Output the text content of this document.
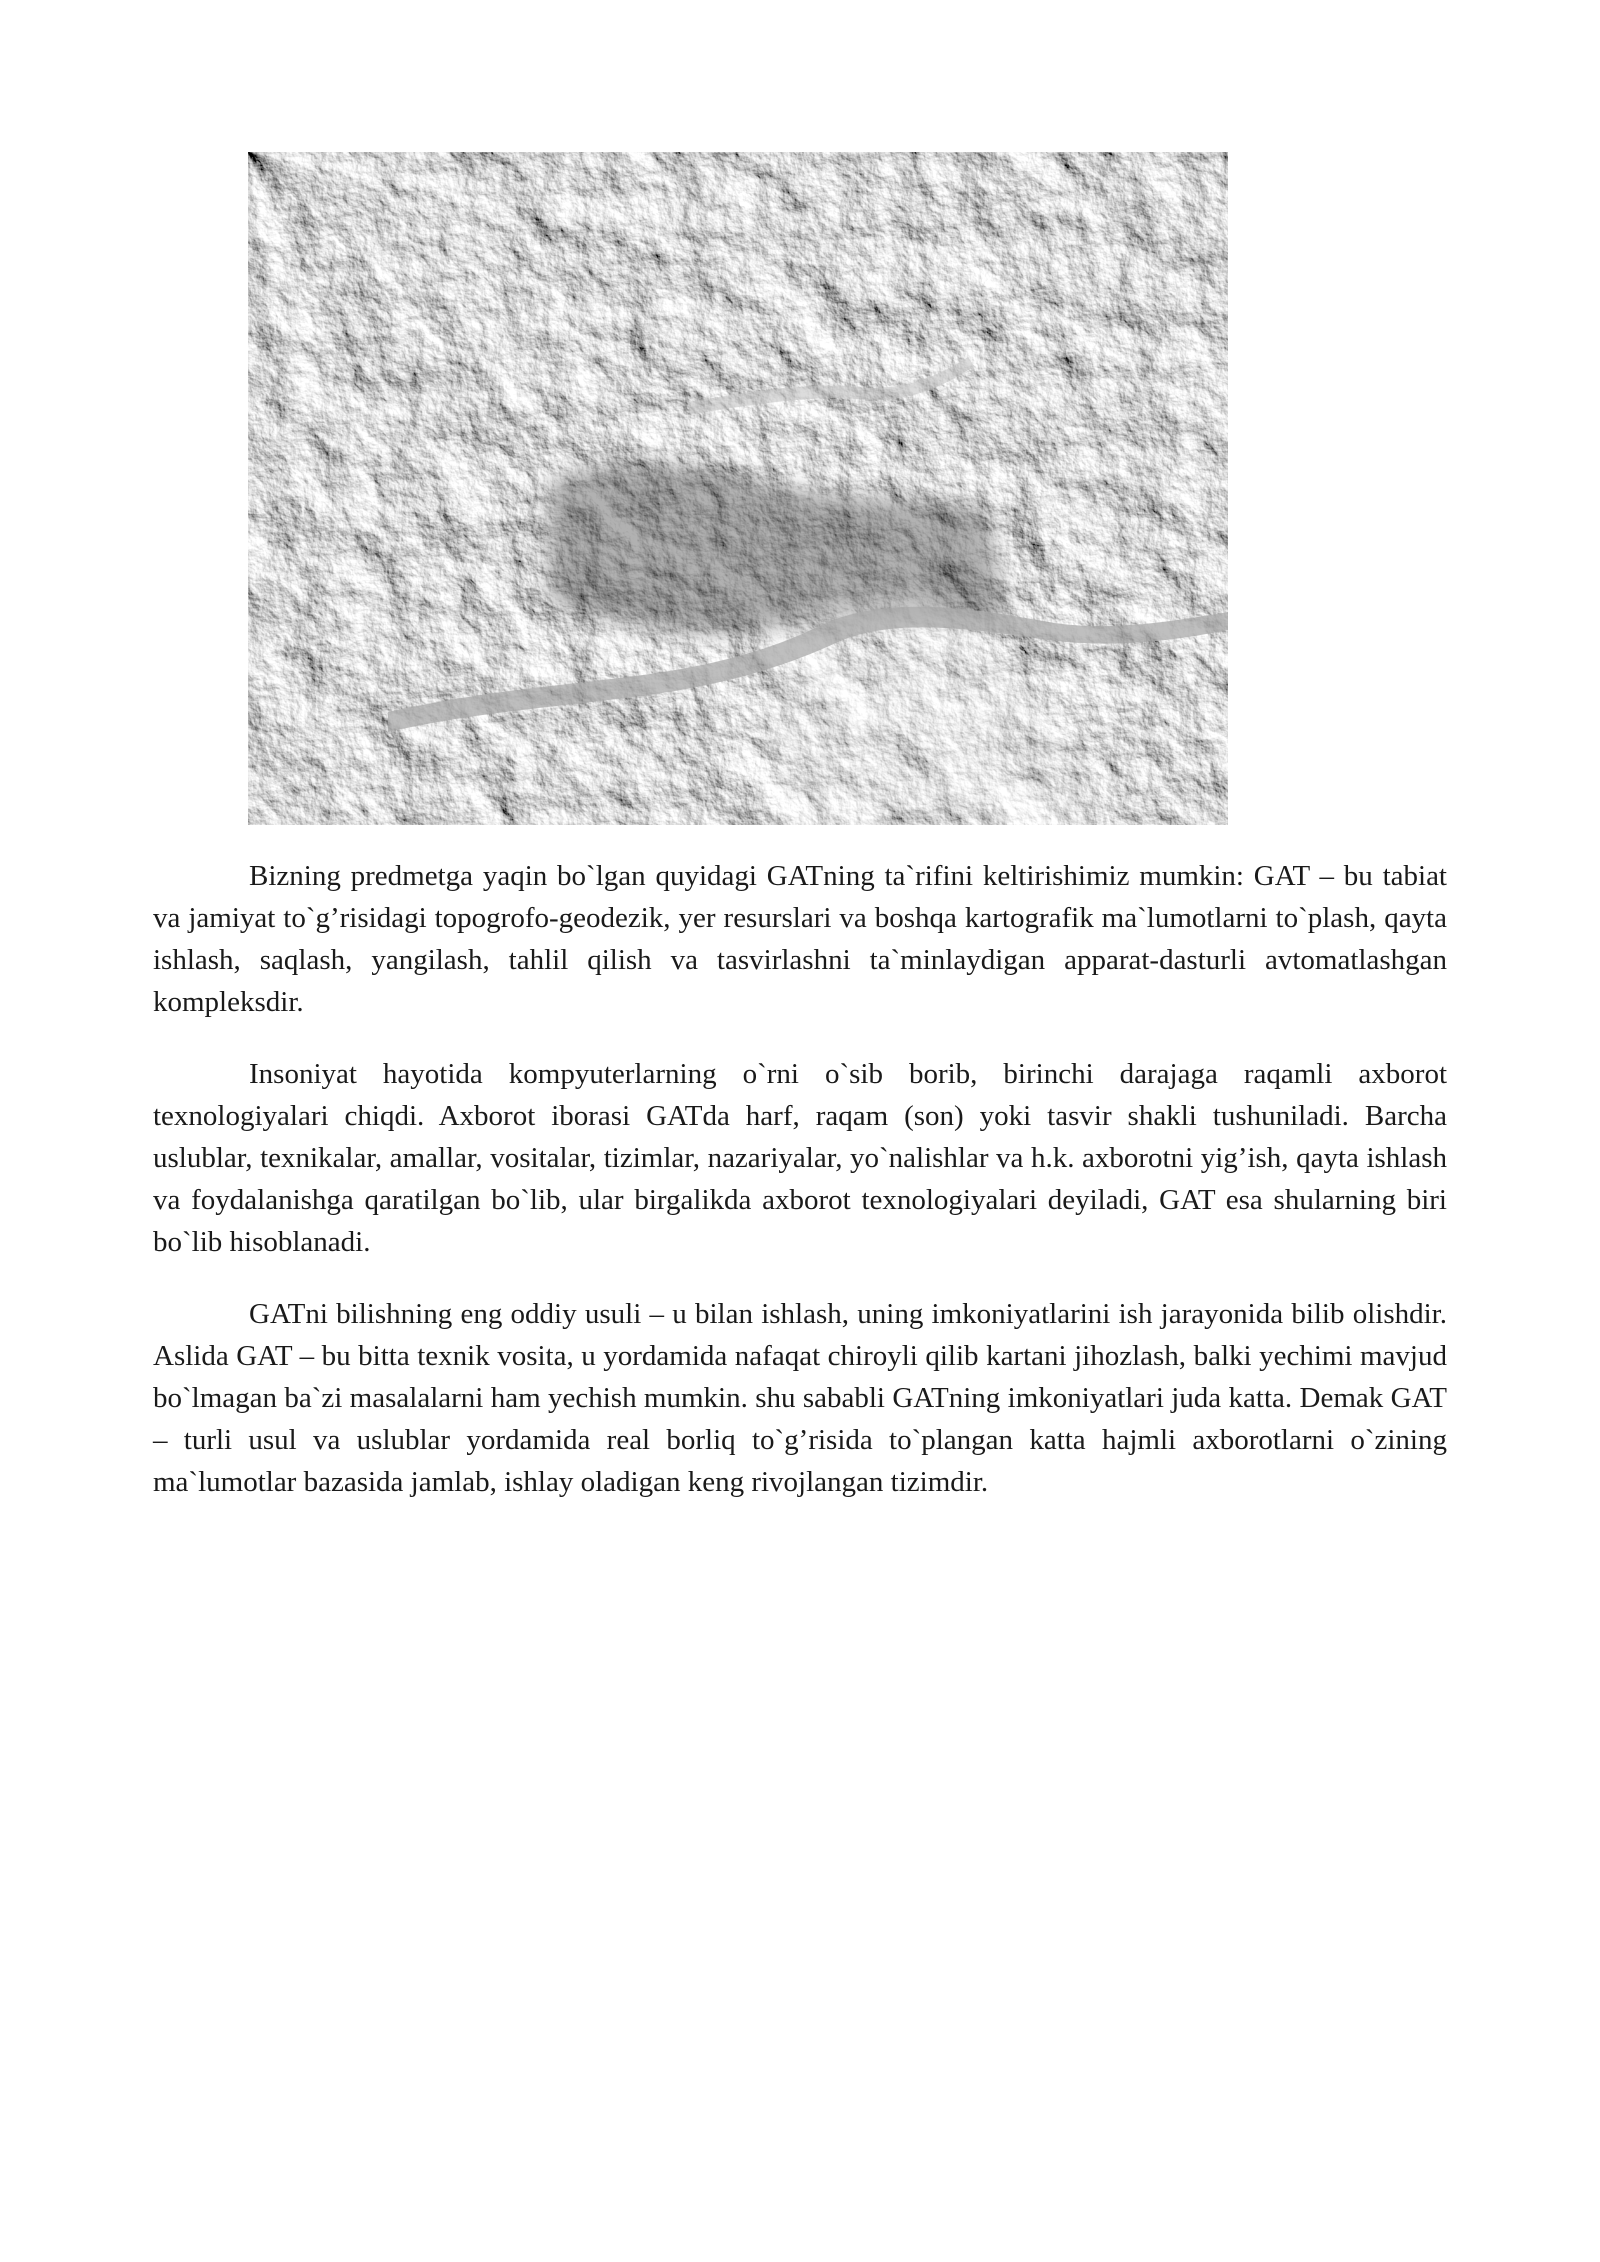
Bizning predmetga yaqin bo`lgan quyidagi GATning ta`rifini keltirishimiz mumkin: GAT – bu tabiat va jamiyat to`g’risidagi topogrofo-geodezik, yer resurslari va boshqa kartografik ma`lumotlarni to`plash, qayta ishlash, saqlash, yangilash, tahlil qilish va tasvirlashni ta`minlaydigan apparat-dasturli avtomatlashgan kompleksdir.

Insoniyat hayotida kompyuterlarning o`rni o`sib borib, birinchi darajaga raqamli axborot texnologiyalari chiqdi. Axborot iborasi GATda harf, raqam (son) yoki tasvir shakli tushuniladi. Barcha uslublar, texnikalar, amallar, vositalar, tizimlar, nazariyalar, yo`nalishlar va h.k. axborotni yig’ish, qayta ishlash va foydalanishga qaratilgan bo`lib, ular birgalikda axborot texnologiyalari deyiladi, GAT esa shularning biri bo`lib hisoblanadi.

GATni bilishning eng oddiy usuli – u bilan ishlash, uning imkoniyatlarini ish jarayonida bilib olishdir. Aslida GAT – bu bitta texnik vosita, u yordamida nafaqat chiroyli qilib kartani jihozlash, balki yechimi mavjud bo`lmagan ba`zi masalalarni ham yechish mumkin. shu sababli GATning imkoniyatlari juda katta. Demak GAT – turli usul va uslublar yordamida real borliq to`g’risida to`plangan katta hajmli axborotlarni o`zining ma`lumotlar bazasida jamlab, ishlay oladigan keng rivojlangan tizimdir.
